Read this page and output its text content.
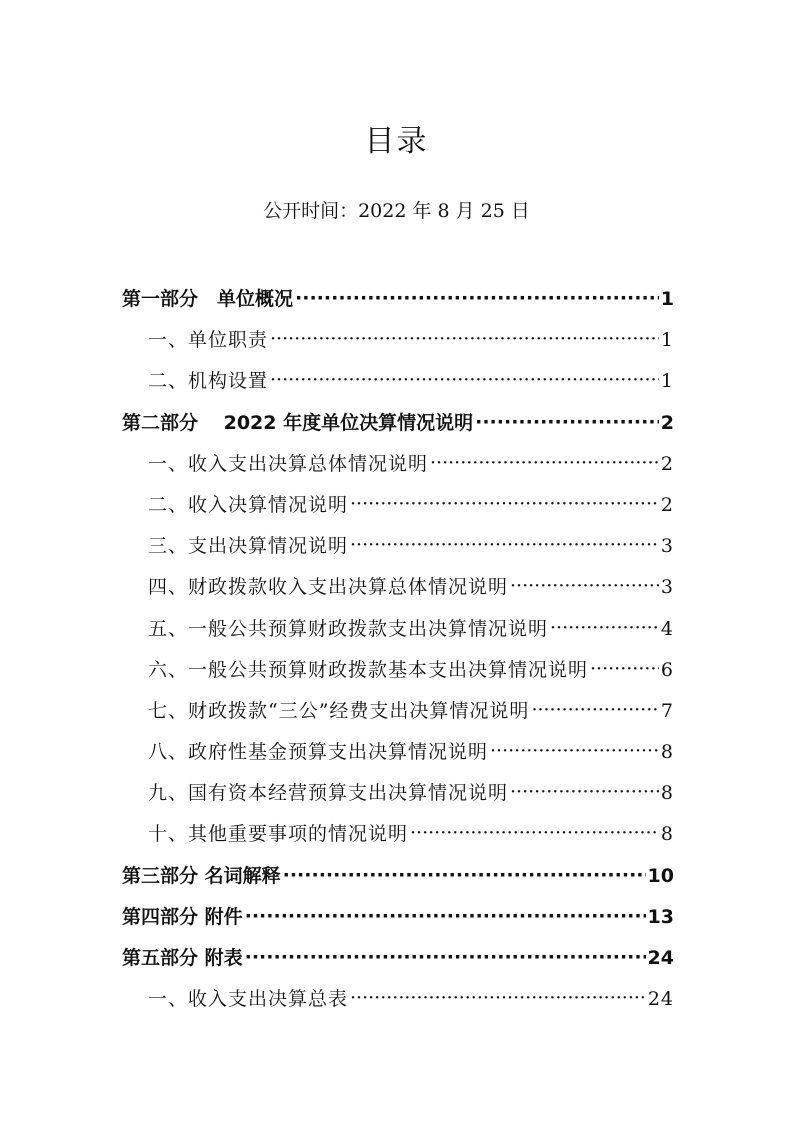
目录
公开时间：2022 年 8 月 25 日
第一部分　单位概况 ·····	1
一、单位职责 ·····	1
二、机构设置 ·····	1
第二部分　 2022 年度单位决算情况说明 ·····	2
一、收入支出决算总体情况说明 ·····	2
二、收入决算情况说明 ·····	2
三、支出决算情况说明 ·····	3
四、财政拨款收入支出决算总体情况说明 ·····	3
五、一般公共预算财政拨款支出决算情况说明 ·····	4
六、一般公共预算财政拨款基本支出决算情况说明 ·····	6
七、财政拨款“三公”经费支出决算情况说明 ·····	7
八、政府性基金预算支出决算情况说明 ·····	8
九、国有资本经营预算支出决算情况说明 ·····	8
十、其他重要事项的情况说明 ·····	8
第三部分 名词解释 ·····	10
第四部分 附件 ·····	13
第五部分 附表 ·····	24
一、收入支出决算总表 ·····	24
